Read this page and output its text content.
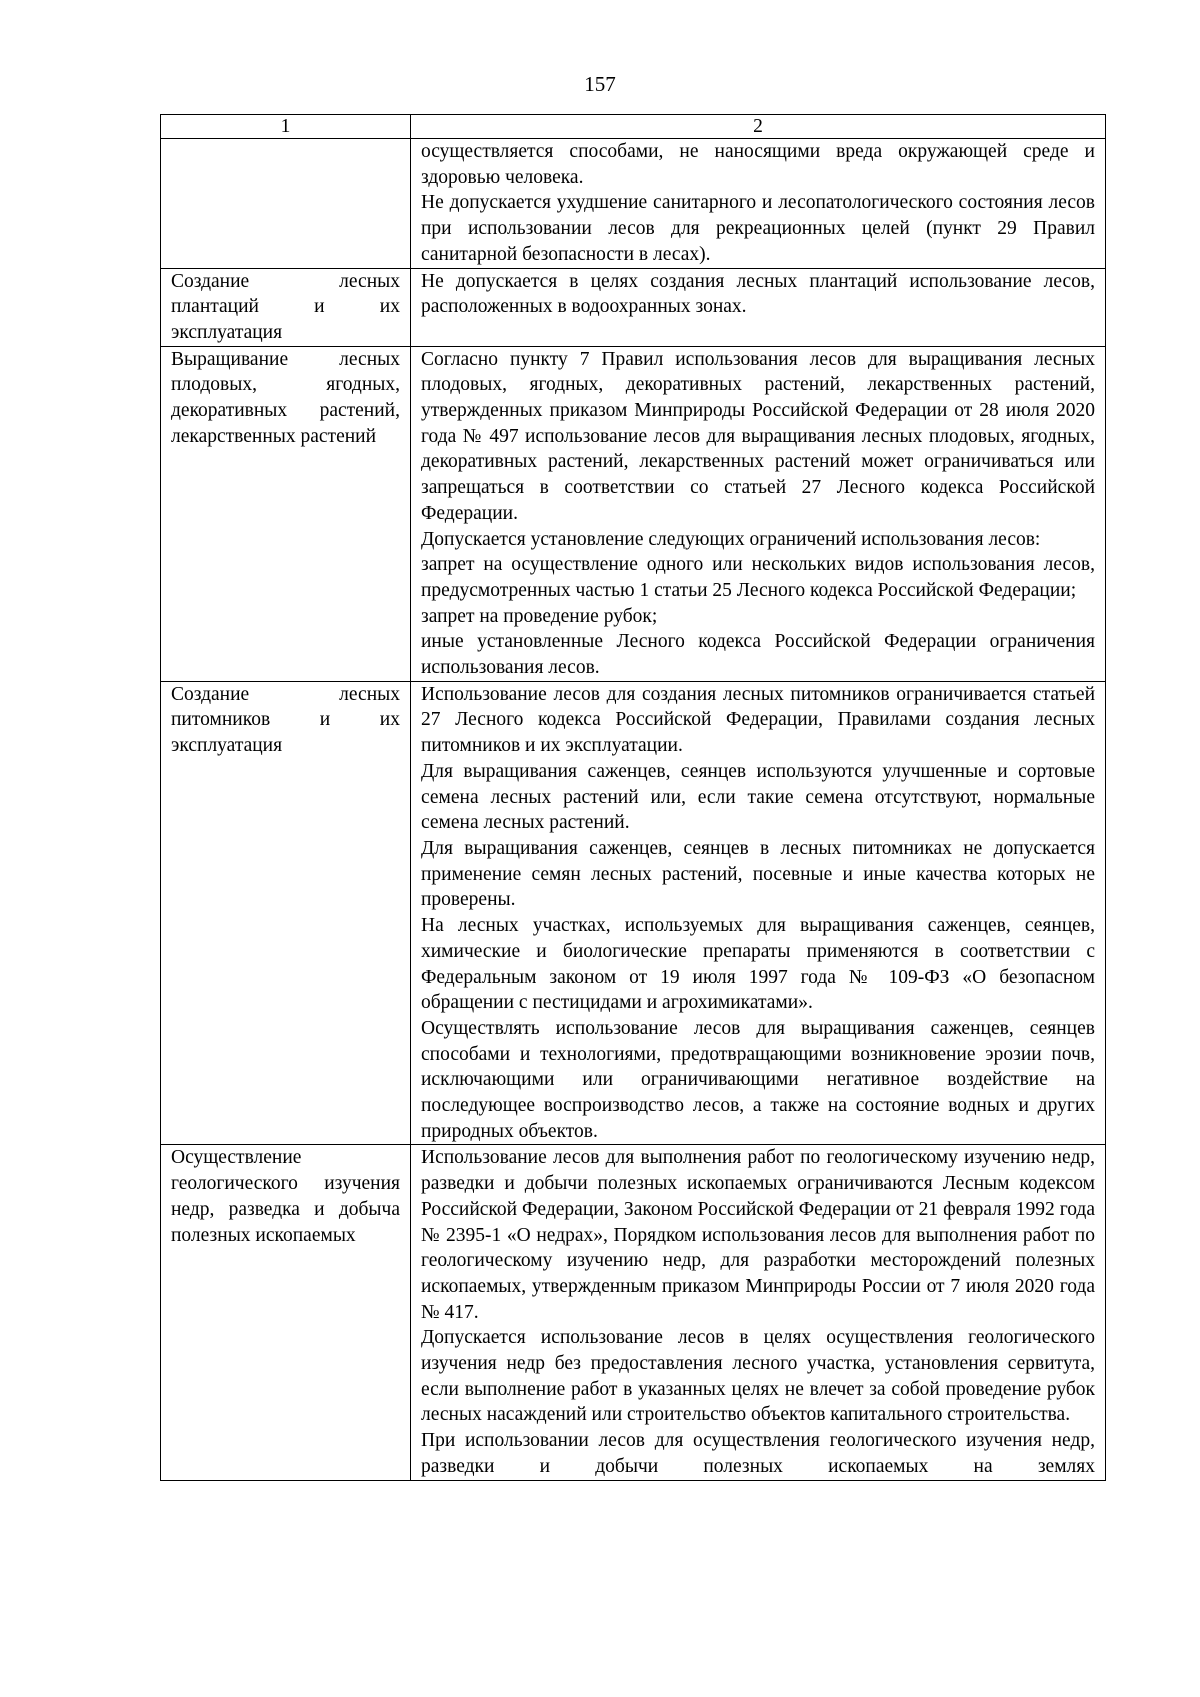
157
1	2

	осуществляется способами, не наносящими вреда окружающей среде и здоровью человека.

Не допускается ухудшение санитарного и лесопатологического состояния лесов при использовании лесов для рекреационных целей (пункт 29 Правил санитарной безопасности в лесах).

Создание лесных плантаций и их эксплуатация	Не допускается в целях создания лесных плантаций использование лесов, расположенных в водоохранных зонах.

Выращивание лесных плодовых, ягодных, декоративных растений, лекарственных растений	Согласно пункту 7 Правил использования лесов для выращивания лесных плодовых, ягодных, декоративных растений, лекарственных растений, утвержденных приказом Минприроды Российской Федерации от 28 июля 2020 года № 497 использование лесов для выращивания лесных плодовых, ягодных, декоративных растений, лекарственных растений может ограничиваться или запрещаться в соответствии со статьей 27 Лесного кодекса Российской Федерации.

Допускается установление следующих ограничений использования лесов:

запрет на осуществление одного или нескольких видов использования лесов, предусмотренных частью 1 статьи 25 Лесного кодекса Российской Федерации;

запрет на проведение рубок;

иные установленные Лесного кодекса Российской Федерации ограничения использования лесов.

Создание лесных питомников и их эксплуатация	Использование лесов для создания лесных питомников ограничивается статьей 27 Лесного кодекса Российской Федерации, Правилами создания лесных питомников и их эксплуатации.

Для выращивания саженцев, сеянцев используются улучшенные и сортовые семена лесных растений или, если такие семена отсутствуют, нормальные семена лесных растений.

Для выращивания саженцев, сеянцев в лесных питомниках не допускается применение семян лесных растений, посевные и иные качества которых не проверены.

На лесных участках, используемых для выращивания саженцев, сеянцев, химические и биологические препараты применяются в соответствии с Федеральным законом от 19 июля 1997 года № 109-ФЗ «О безопасном обращении с пестицидами и агрохимикатами».

Осуществлять использование лесов для выращивания саженцев, сеянцев способами и технологиями, предотвращающими возникновение эрозии почв, исключающими или ограничивающими негативное воздействие на последующее воспроизводство лесов, а также на состояние водных и других природных объектов.

Осуществление геологического изучения недр, разведка и добыча полезных ископаемых	Использование лесов для выполнения работ по геологическому изучению недр, разведки и добычи полезных ископаемых ограничиваются Лесным кодексом Российской Федерации, Законом Российской Федерации от 21 февраля 1992 года № 2395-1 «О недрах», Порядком использования лесов для выполнения работ по геологическому изучению недр, для разработки месторождений полезных ископаемых, утвержденным приказом Минприроды России от 7 июля 2020 года № 417.

Допускается использование лесов в целях осуществления геологического изучения недр без предоставления лесного участка, установления сервитута, если выполнение работ в указанных целях не влечет за собой проведение рубок лесных насаждений или строительство объектов капитального строительства.

При использовании лесов для осуществления геологического изучения недр, разведки и добычи полезных ископаемых на землях
